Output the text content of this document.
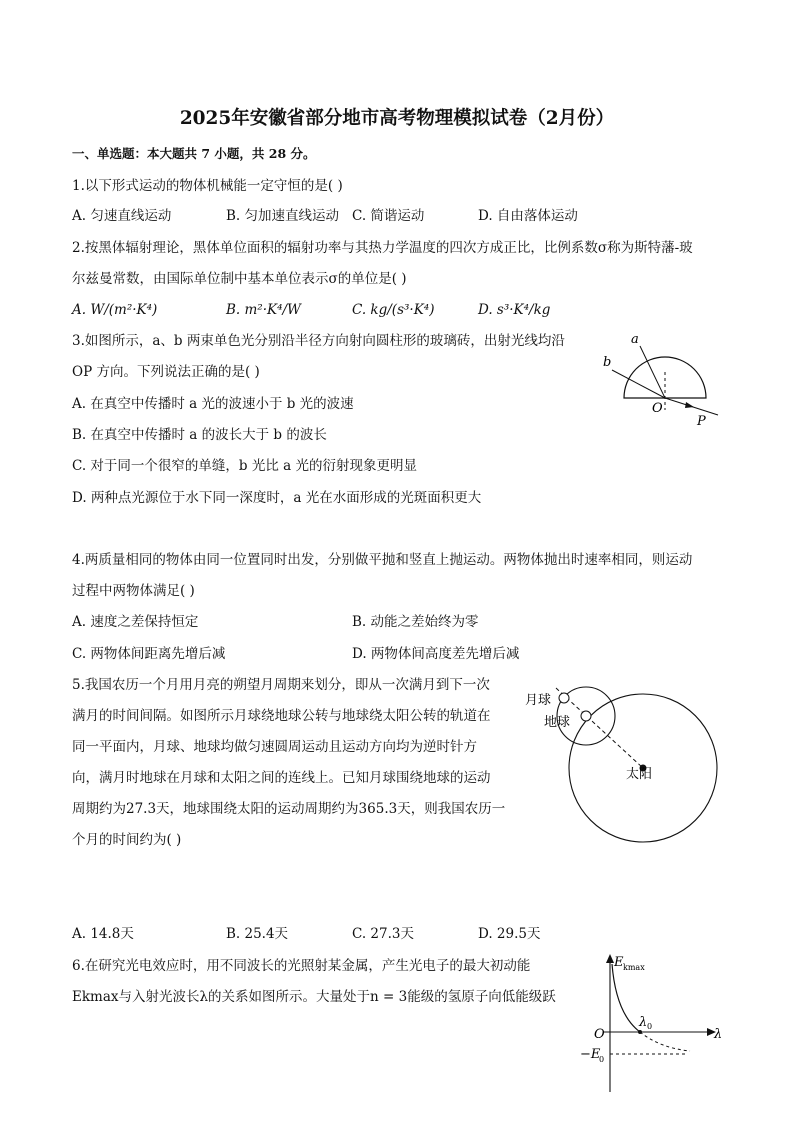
2025年安徽省部分地市高考物理模拟试卷（2月份）
一、单选题：本大题共 7 小题，共 28 分。
1.以下形式运动的物体机械能一定守恒的是( )
A. 匀速直线运动	B. 匀加速直线运动 C. 简谐运动	D. 自由落体运动
2.按黑体辐射理论，黑体单位面积的辐射功率与其热力学温度的四次方成正比，比例系数σ称为斯特藩-玻
尔兹曼常数，由国际单位制中基本单位表示σ的单位是( )
A. W/(m²·K⁴)	B. m²·K⁴/W	C. kg/(s³·K⁴)	D. s³·K⁴/kg
3.如图所示，a、b 两束单色光分别沿半径方向射向圆柱形的玻璃砖，出射光线均沿
OP 方向。下列说法正确的是( )
A. 在真空中传播时 a 光的波速小于 b 光的波速
B. 在真空中传播时 a 的波长大于 b 的波长
C. 对于同一个很窄的单缝，b 光比 a 光的衍射现象更明显
D. 两种点光源位于水下同一深度时，a 光在水面形成的光斑面积更大
a
b
O
P
4.两质量相同的物体由同一位置同时出发，分别做平抛和竖直上抛运动。两物体抛出时速率相同，则运动
过程中两物体满足( )
A. 速度之差保持恒定	B. 动能之差始终为零
C. 两物体间距离先增后减	D. 两物体间高度差先增后减
5.我国农历一个月用月亮的朔望月周期来划分，即从一次满月到下一次
满月的时间间隔。如图所示月球绕地球公转与地球绕太阳公转的轨道在
同一平面内，月球、地球均做匀速圆周运动且运动方向均为逆时针方
向，满月时地球在月球和太阳之间的连线上。已知月球围绕地球的运动
周期约为27.3天，地球围绕太阳的运动周期约为365.3天，则我国农历一
个月的时间约为( )
A. 14.8天	B. 25.4天	C. 27.3天	D. 29.5天
月球
地球
太阳
6.在研究光电效应时，用不同波长的光照射某金属，产生光电子的最大初动能
Ekmax与入射光波长λ的关系如图所示。大量处于n = 3能级的氢原子向低能级跃
E kmax
O	λ
λ 0
−E
0
